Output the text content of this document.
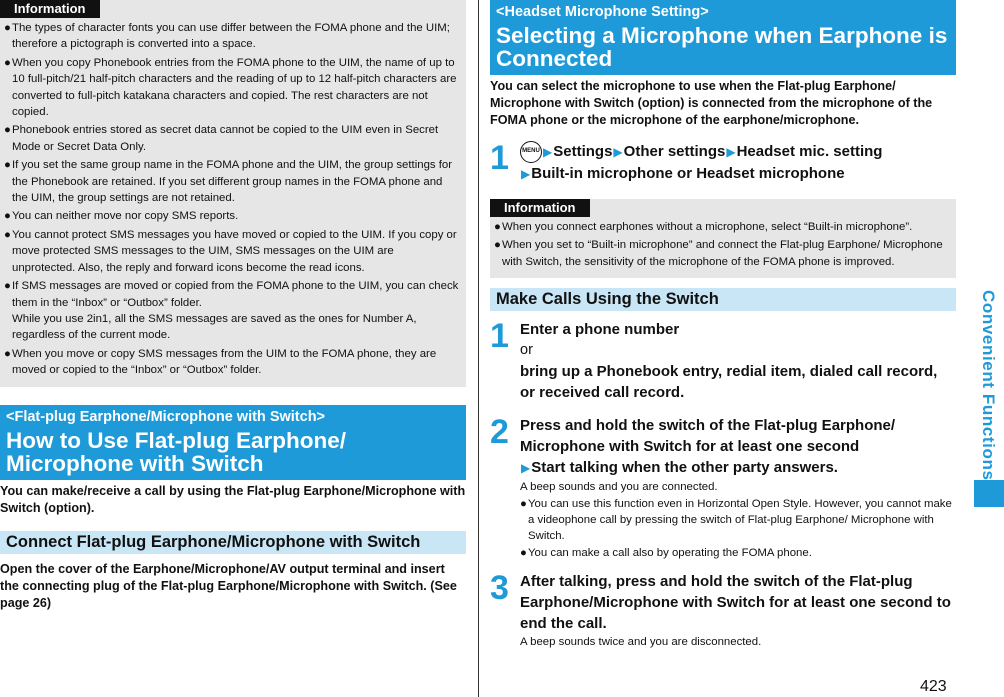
Information
● The types of character fonts you can use differ between the FOMA phone and the UIM; therefore a pictograph is converted into a space.
● When you copy Phonebook entries from the FOMA phone to the UIM, the name of up to 10 full-pitch/21 half-pitch characters and the reading of up to 12 half-pitch characters are converted to full-pitch katakana characters and copied. The rest characters are not copied.
● Phonebook entries stored as secret data cannot be copied to the UIM even in Secret Mode or Secret Data Only.
● If you set the same group name in the FOMA phone and the UIM, the group settings for the Phonebook are retained. If you set different group names in the FOMA phone and the UIM, the group settings are not retained.
● You can neither move nor copy SMS reports.
● You cannot protect SMS messages you have moved or copied to the UIM. If you copy or move protected SMS messages to the UIM, SMS messages on the UIM are unprotected. Also, the reply and forward icons become the read icons.
● If SMS messages are moved or copied from the FOMA phone to the UIM, you can check them in the “Inbox” or “Outbox” folder.
While you use 2in1, all the SMS messages are saved as the ones for Number A, regardless of the current mode.
● When you move or copy SMS messages from the UIM to the FOMA phone, they are moved or copied to the “Inbox” or “Outbox” folder.
<Flat-plug Earphone/Microphone with Switch>
How to Use Flat-plug Earphone/ Microphone with Switch
You can make/receive a call by using the Flat-plug Earphone/Microphone with Switch (option).
Connect Flat-plug Earphone/Microphone with Switch
Open the cover of the Earphone/Microphone/AV output terminal and insert the connecting plug of the Flat-plug Earphone/Microphone with Switch. (See page 26)
<Headset Microphone Setting>
Selecting a Microphone when Earphone is Connected
You can select the microphone to use when the Flat-plug Earphone/ Microphone with Switch (option) is connected from the microphone of the FOMA phone or the microphone of the earphone/microphone.
1	MENU ▶Settings▶Other settings▶Headset mic. setting
▶Built-in microphone or Headset microphone
Information
● When you connect earphones without a microphone, select “Built-in microphone”.
● When you set to “Built-in microphone” and connect the Flat-plug Earphone/ Microphone with Switch, the sensitivity of the microphone of the FOMA phone is improved.
Make Calls Using the Switch
1 Enter a phone number
or
bring up a Phonebook entry, redial item, dialed call record, or received call record.
2 Press and hold the switch of the Flat-plug Earphone/ Microphone with Switch for at least one second
▶Start talking when the other party answers.
A beep sounds and you are connected.
● You can use this function even in Horizontal Open Style. However, you cannot make a videophone call by pressing the switch of Flat-plug Earphone/ Microphone with Switch.
● You can make a call also by operating the FOMA phone.
3 After talking, press and hold the switch of the Flat-plug Earphone/Microphone with Switch for at least one second to end the call.
A beep sounds twice and you are disconnected.
Convenient Functions
423
